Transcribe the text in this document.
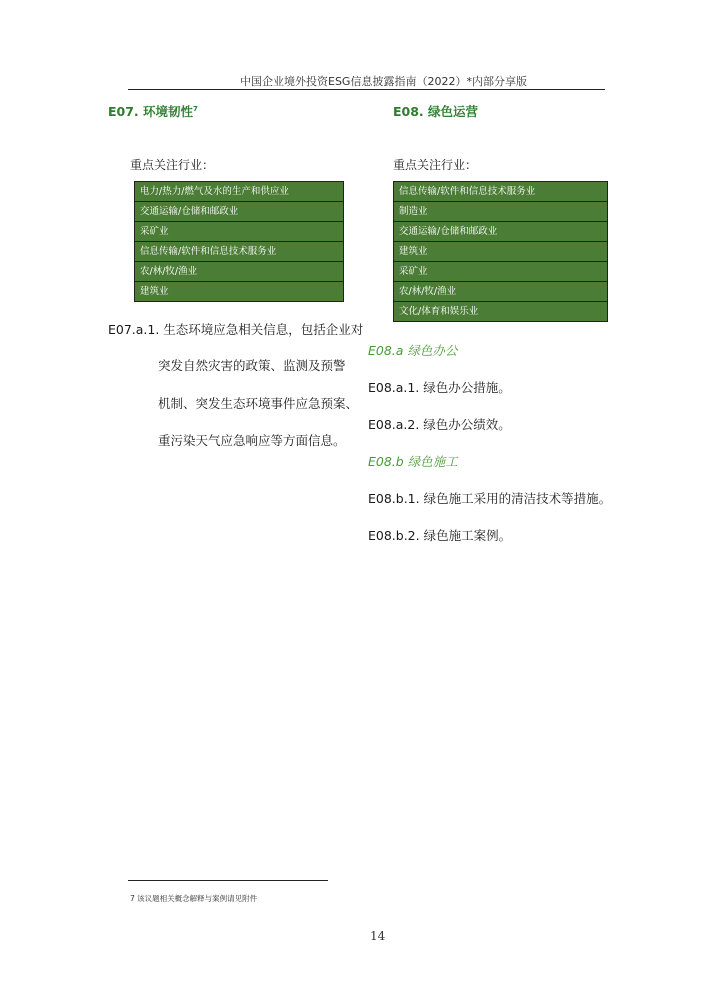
中国企业境外投资ESG信息披露指南（2022）*内部分享版
E07. 环境韧性$^7$
重点关注行业：
电力/热力/燃气及水的生产和供应业
交通运输/仓储和邮政业
采矿业
信息传输/软件和信息技术服务业
农/林/牧/渔业
建筑业
E07.a.1. 生态环境应急相关信息，包括企业对
突发自然灾害的政策、监测及预警
机制、突发生态环境事件应急预案、
重污染天气应急响应等方面信息。
E08. 绿色运营
重点关注行业：
信息传输/软件和信息技术服务业
制造业
交通运输/仓储和邮政业
建筑业
采矿业
农/林/牧/渔业
文化/体育和娱乐业
E08.a 绿色办公
E08.a.1. 绿色办公措施。
E08.a.2. 绿色办公绩效。
E08.b 绿色施工
E08.b.1. 绿色施工采用的清洁技术等措施。
E08.b.2. 绿色施工案例。
7 该议题相关概念解释与案例请见附件
14
